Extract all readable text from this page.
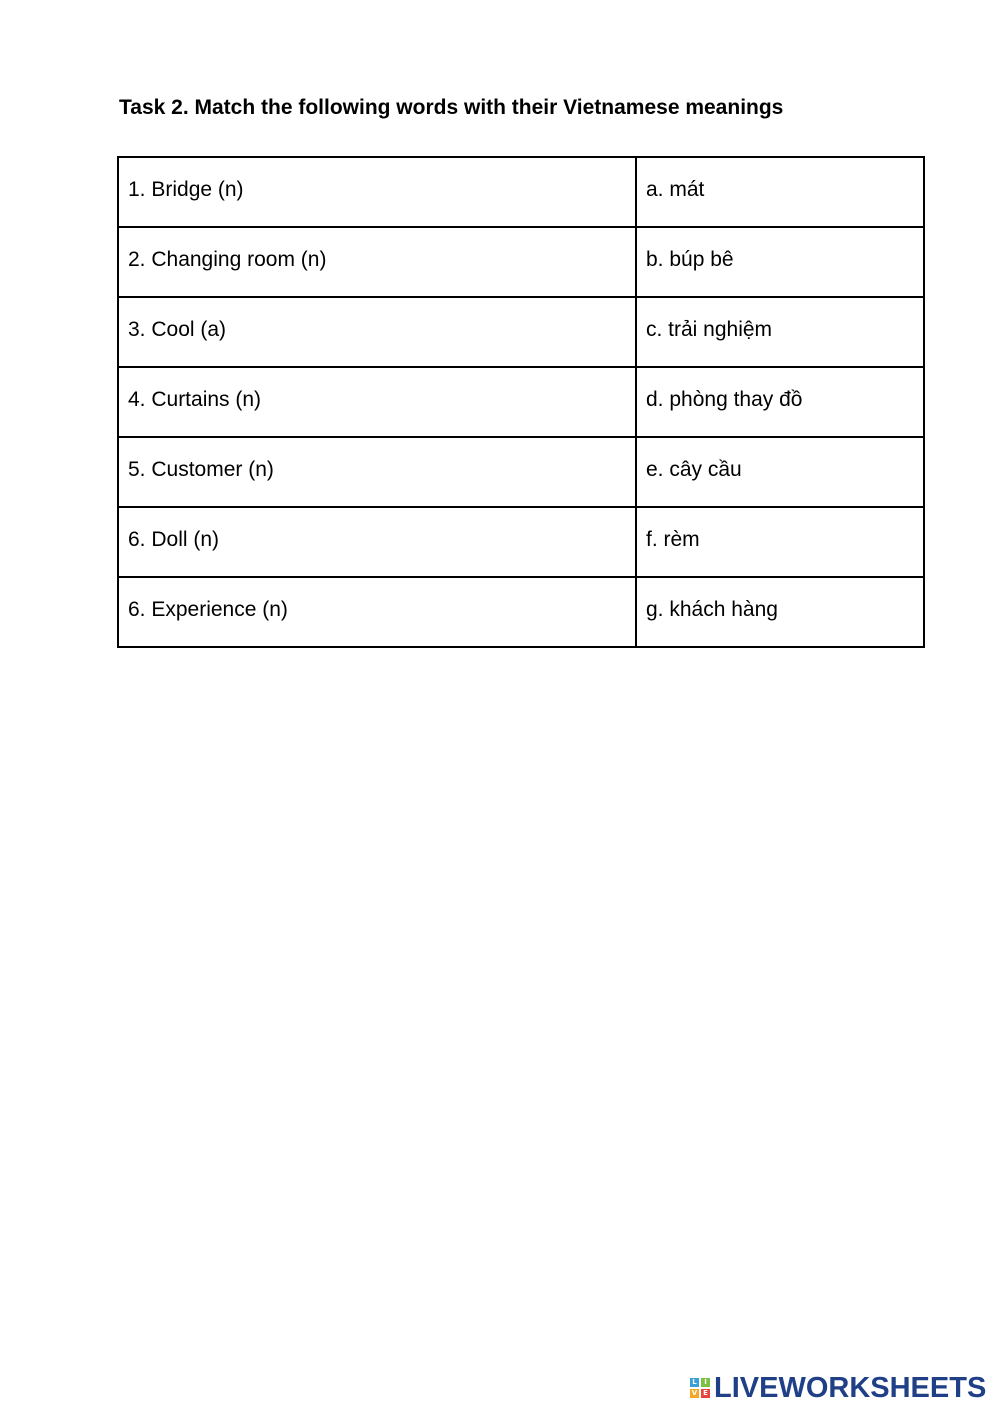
Task 2. Match the following words with their Vietnamese meanings
1. Bridge (n)	a. mát

2. Changing room (n)	b. búp bê

3. Cool (a)	c. trải nghiệm

4. Curtains (n)	d. phòng thay đồ

5. Customer (n)	e. cây cầu

6. Doll (n)	f. rèm

6. Experience (n)	g. khách hàng
L	I
V E LIVEWORKSHEETS
